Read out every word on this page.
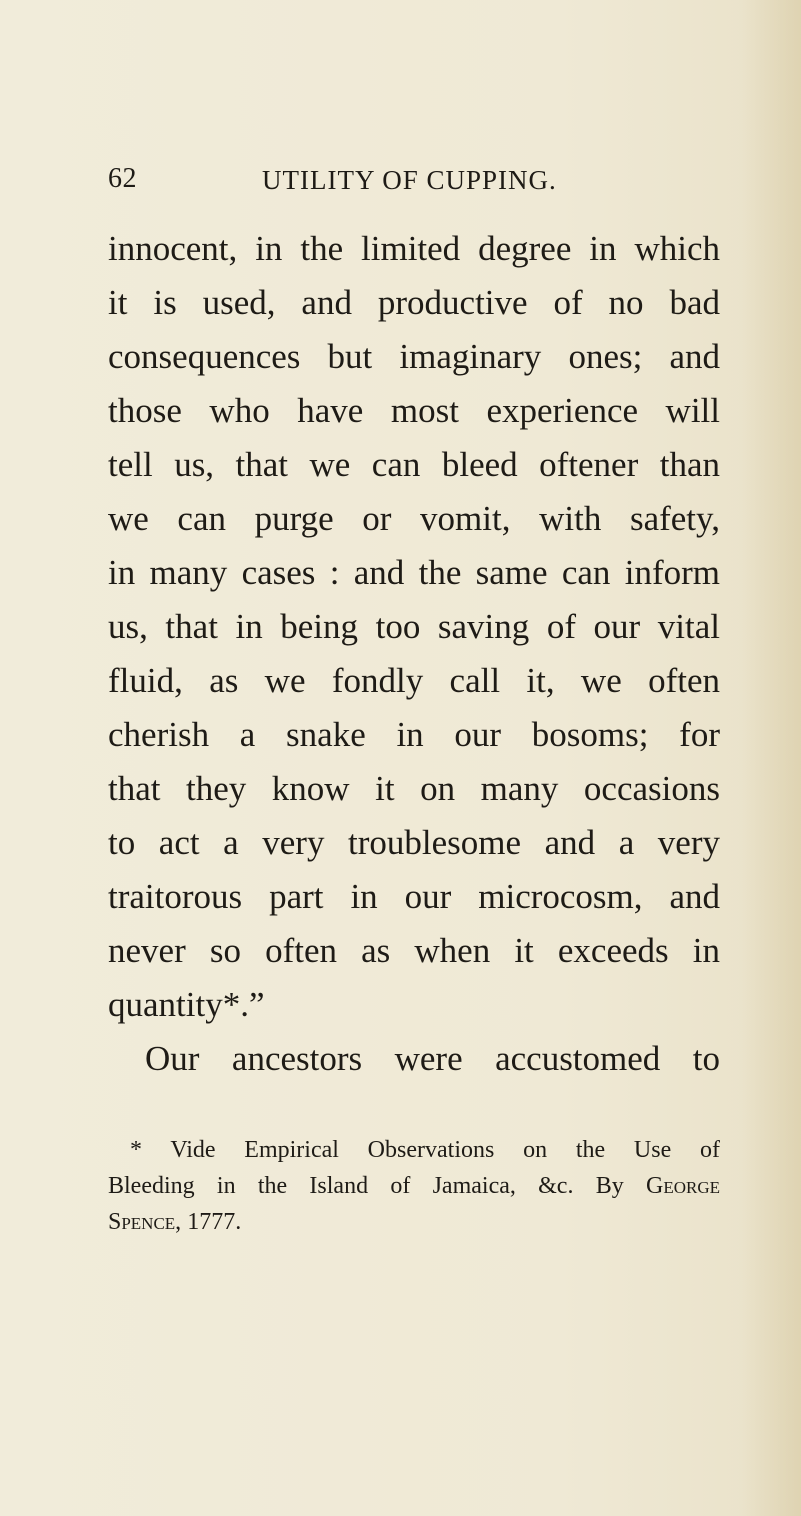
62	UTILITY OF CUPPING.
innocent, in the limited degree in which
it is used, and productive of no bad
consequences but imaginary ones; and
those who have most experience will
tell us, that we can bleed oftener than
we can purge or vomit, with safety,
in many cases : and the same can inform
us, that in being too saving of our vital
fluid, as we fondly call it, we often
cherish a snake in our bosoms; for
that they know it on many occasions
to act a very troublesome and a very
traitorous part in our microcosm, and
never so often as when it exceeds in
quantity*.”
Our ancestors were accustomed to
* Vide Empirical Observations on the Use of
Bleeding in the Island of Jamaica, &c. By George
Spence, 1777.
